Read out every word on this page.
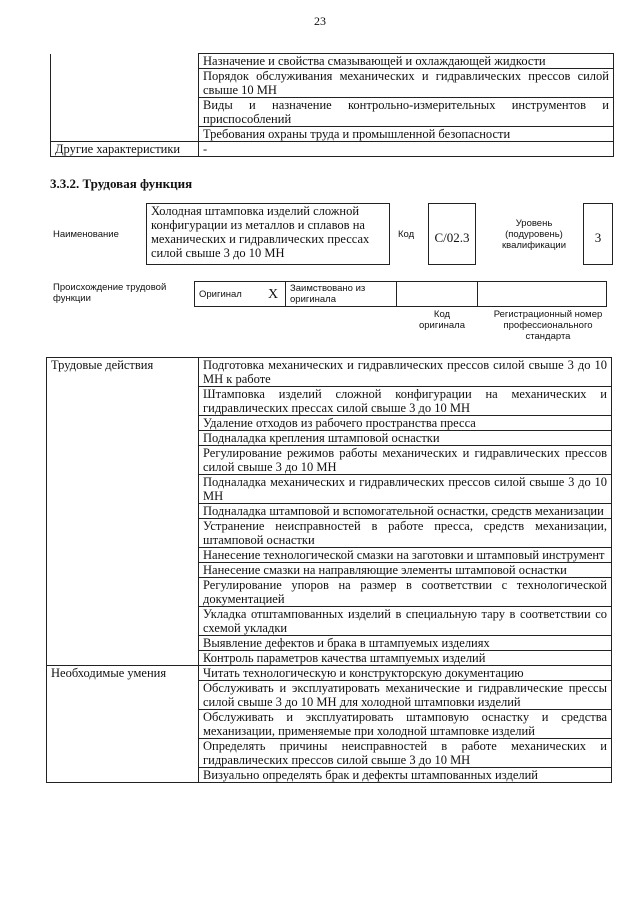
23
	Назначение и свойства смазывающей и охлаждающей жидкости
	Порядок обслуживания механических и гидравлических прессов силой свыше 10 МН
	Виды и назначение контрольно-измерительных инструментов и приспособлений
	Требования охраны труда и промышленной безопасности
Другие характеристики	-
3.3.2. Трудовая функция
Наименование
Холодная штамповка изделий сложной конфигурации из металлов и сплавов на механических и гидравлических прессах силой свыше 3 до 10 МН
Код	C/02.3
Уровень (подуровень) квалификации
3
Происхождение трудовой функции	Оригинал	X	Заимствовано из оригинала		
Код оригинала
Регистрационный номер профессионального стандарта
Трудовые действия	Подготовка механических и гидравлических прессов силой свыше 3 до 10 МН к работе
	Штамповка изделий сложной конфигурации на механических и гидравлических прессах силой свыше 3 до 10 МН
	Удаление отходов из рабочего пространства пресса
	Подналадка крепления штамповой оснастки
	Регулирование режимов работы механических и гидравлических прессов силой свыше 3 до 10 МН
	Подналадка механических и гидравлических прессов силой свыше 3 до 10 МН
	Подналадка штамповой и вспомогательной оснастки, средств механизации
	Устранение неисправностей в работе пресса, средств механизации, штамповой оснастки
	Нанесение технологической смазки на заготовки и штамповый инструмент
	Нанесение смазки на направляющие элементы штамповой оснастки
	Регулирование упоров на размер в соответствии с технологической документацией
	Укладка отштампованных изделий в специальную тару в соответствии со схемой укладки
	Выявление дефектов и брака в штампуемых изделиях
	Контроль параметров качества штампуемых изделий
Необходимые умения	Читать технологическую и конструкторскую документацию
	Обслуживать и эксплуатировать механические и гидравлические прессы силой свыше 3 до 10 МН для холодной штамповки изделий
	Обслуживать и эксплуатировать штамповую оснастку и средства механизации, применяемые при холодной штамповке изделий
	Определять причины неисправностей в работе механических и гидравлических прессов силой свыше 3 до 10 МН
	Визуально определять брак и дефекты штампованных изделий
